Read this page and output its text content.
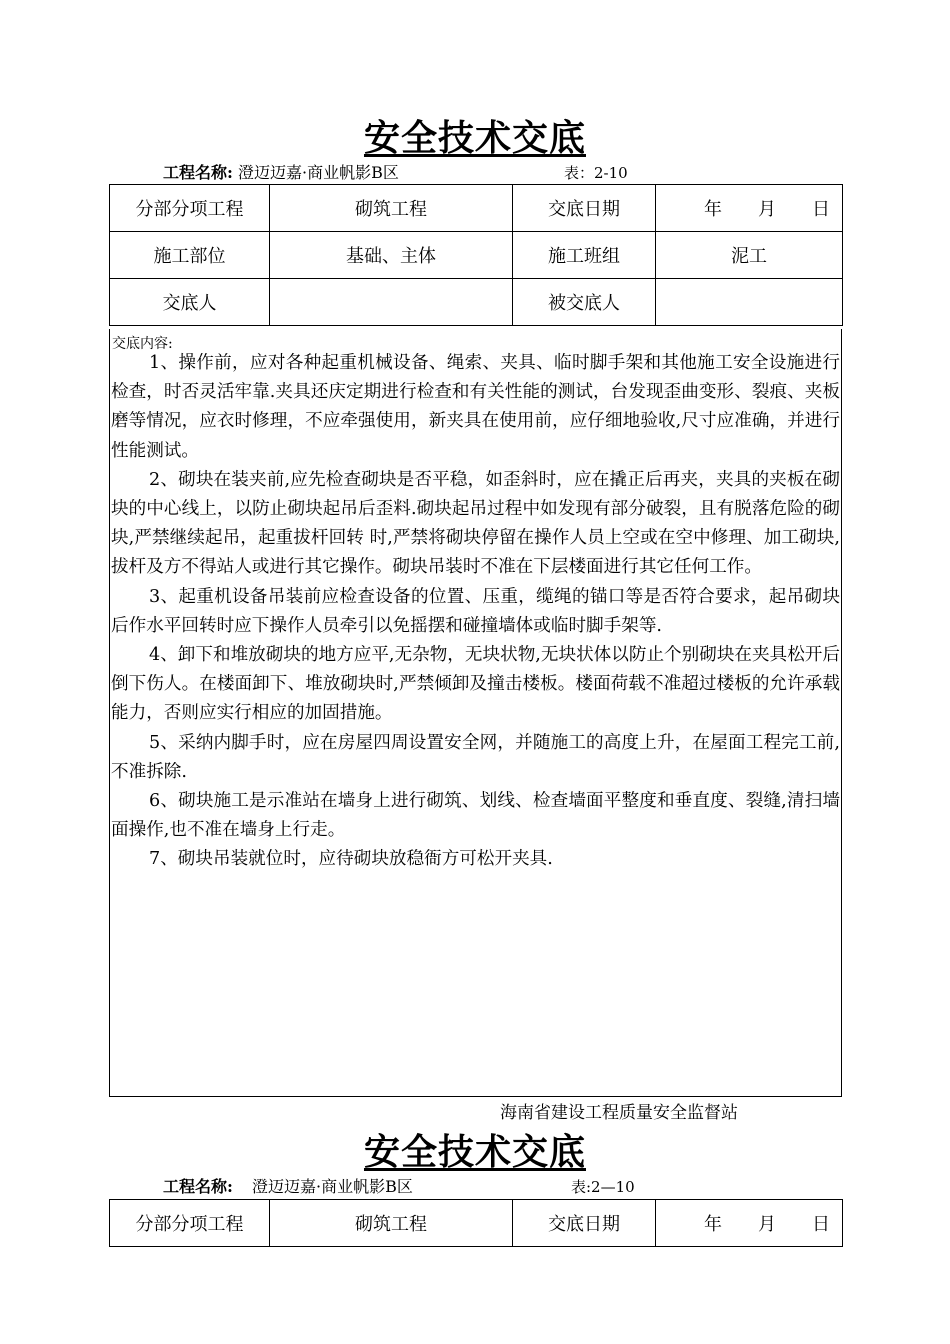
安全技术交底
工程名称: 澄迈迈嘉·商业帆影B区	表：2-10
分部分项工程	砌筑工程	交底日期	年　　月　　日
施工部位	基础、主体	施工班组	泥工
交底人		被交底人	
交底内容:

1、操作前，应对各种起重机械设备、绳索、夹具、临时脚手架和其他施工安全设施进行检查，时否灵活牢靠.夹具还庆定期进行检查和有关性能的测试，台发现歪曲变形、裂痕、夹板磨等情况，应衣时修理，不应牵强使用，新夹具在使用前，应仔细地验收,尺寸应准确，并进行性能测试。

2、砌块在装夹前,应先检查砌块是否平稳，如歪斜时，应在撬正后再夹，夹具的夹板在砌块的中心线上，以防止砌块起吊后歪料.砌块起吊过程中如发现有部分破裂，且有脱落危险的砌块,严禁继续起吊，起重拔杆回转 时,严禁将砌块停留在操作人员上空或在空中修理、加工砌块,拔杆及方不得站人或进行其它操作。砌块吊装时不准在下层楼面进行其它任何工作。

3、起重机设备吊装前应检查设备的位置、压重，缆绳的锚口等是否符合要求，起吊砌块后作水平回转时应下操作人员牵引以免摇摆和碰撞墙体或临时脚手架等.

4、卸下和堆放砌块的地方应平,无杂物，无块状物,无块状体以防止个别砌块在夹具松开后倒下伤人。在楼面卸下、堆放砌块时,严禁倾卸及撞击楼板。楼面荷载不准超过楼板的允许承载能力，否则应实行相应的加固措施。

5、采纳内脚手时，应在房屋四周设置安全网，并随施工的高度上升，在屋面工程完工前,不准拆除.

6、砌块施工是示准站在墙身上进行砌筑、划线、检查墙面平整度和垂直度、裂缝,清扫墙面操作,也不准在墙身上行走。

7、砌块吊装就位时，应待砌块放稳衙方可松开夹具.

海南省建设工程质量安全监督站
安全技术交底
工程名称: 澄迈迈嘉·商业帆影B区	表:2—10
分部分项工程	砌筑工程	交底日期	年　　月　　日
